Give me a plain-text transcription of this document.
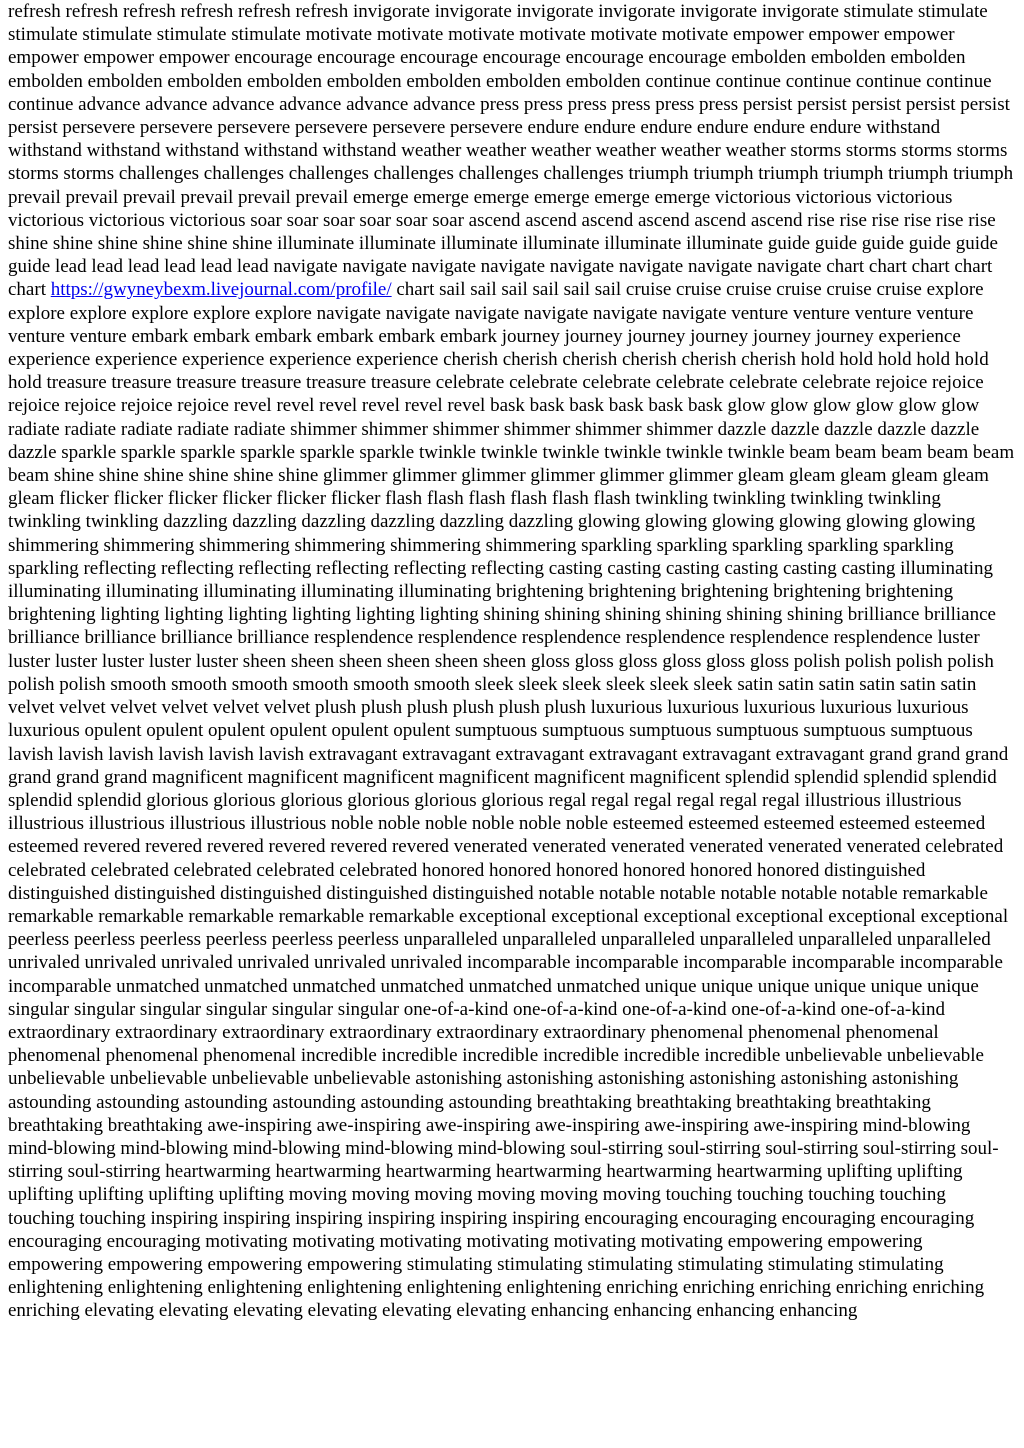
refresh refresh refresh refresh refresh refresh invigorate invigorate invigorate invigorate invigorate invigorate stimulate stimulate stimulate stimulate stimulate stimulate motivate motivate motivate motivate motivate motivate empower empower empower empower empower empower encourage encourage encourage encourage encourage encourage embolden embolden embolden embolden embolden embolden embolden embolden embolden embolden embolden continue continue continue continue continue continue advance advance advance advance advance advance press press press press press press persist persist persist persist persist persist persevere persevere persevere persevere persevere persevere endure endure endure endure endure endure withstand withstand withstand withstand withstand withstand weather weather weather weather weather weather storms storms storms storms storms storms challenges challenges challenges challenges challenges challenges triumph triumph triumph triumph triumph triumph prevail prevail prevail prevail prevail prevail emerge emerge emerge emerge emerge emerge victorious victorious victorious victorious victorious victorious soar soar soar soar soar soar ascend ascend ascend ascend ascend ascend rise rise rise rise rise rise shine shine shine shine shine shine illuminate illuminate illuminate illuminate illuminate illuminate guide guide guide guide guide guide lead lead lead lead lead lead navigate navigate navigate navigate navigate navigate navigate navigate chart chart chart chart chart https://gwyneybexm.livejournal.com/profile/ chart sail sail sail sail sail sail cruise cruise cruise cruise cruise cruise explore explore explore explore explore explore navigate navigate navigate navigate navigate navigate venture venture venture venture venture venture embark embark embark embark embark embark journey journey journey journey journey journey experience experience experience experience experience experience cherish cherish cherish cherish cherish cherish hold hold hold hold hold hold treasure treasure treasure treasure treasure treasure celebrate celebrate celebrate celebrate celebrate celebrate rejoice rejoice rejoice rejoice rejoice rejoice revel revel revel revel revel revel bask bask bask bask bask bask glow glow glow glow glow glow radiate radiate radiate radiate radiate shimmer shimmer shimmer shimmer shimmer shimmer dazzle dazzle dazzle dazzle dazzle dazzle sparkle sparkle sparkle sparkle sparkle sparkle twinkle twinkle twinkle twinkle twinkle twinkle beam beam beam beam beam beam shine shine shine shine shine shine glimmer glimmer glimmer glimmer glimmer glimmer gleam gleam gleam gleam gleam gleam flicker flicker flicker flicker flicker flicker flash flash flash flash flash flash twinkling twinkling twinkling twinkling twinkling twinkling dazzling dazzling dazzling dazzling dazzling dazzling glowing glowing glowing glowing glowing glowing shimmering shimmering shimmering shimmering shimmering shimmering sparkling sparkling sparkling sparkling sparkling sparkling reflecting reflecting reflecting reflecting reflecting reflecting casting casting casting casting casting casting illuminating illuminating illuminating illuminating illuminating illuminating brightening brightening brightening brightening brightening brightening lighting lighting lighting lighting lighting lighting shining shining shining shining shining shining brilliance brilliance brilliance brilliance brilliance brilliance resplendence resplendence resplendence resplendence resplendence resplendence luster luster luster luster luster luster sheen sheen sheen sheen sheen sheen gloss gloss gloss gloss gloss gloss polish polish polish polish polish polish smooth smooth smooth smooth smooth smooth sleek sleek sleek sleek sleek sleek satin satin satin satin satin satin velvet velvet velvet velvet velvet velvet plush plush plush plush plush plush luxurious luxurious luxurious luxurious luxurious luxurious opulent opulent opulent opulent opulent opulent sumptuous sumptuous sumptuous sumptuous sumptuous sumptuous lavish lavish lavish lavish lavish lavish extravagant extravagant extravagant extravagant extravagant extravagant grand grand grand grand grand grand magnificent magnificent magnificent magnificent magnificent magnificent splendid splendid splendid splendid splendid splendid glorious glorious glorious glorious glorious glorious regal regal regal regal regal regal illustrious illustrious illustrious illustrious illustrious illustrious noble noble noble noble noble noble esteemed esteemed esteemed esteemed esteemed esteemed revered revered revered revered revered revered venerated venerated venerated venerated venerated venerated celebrated celebrated celebrated celebrated celebrated celebrated honored honored honored honored honored honored distinguished distinguished distinguished distinguished distinguished distinguished notable notable notable notable notable notable remarkable remarkable remarkable remarkable remarkable remarkable exceptional exceptional exceptional exceptional exceptional exceptional peerless peerless peerless peerless peerless peerless unparalleled unparalleled unparalleled unparalleled unparalleled unparalleled unrivaled unrivaled unrivaled unrivaled unrivaled unrivaled incomparable incomparable incomparable incomparable incomparable incomparable unmatched unmatched unmatched unmatched unmatched unmatched unique unique unique unique unique unique singular singular singular singular singular singular one-of-a-kind one-of-a-kind one-of-a-kind one-of-a-kind one-of-a-kind extraordinary extraordinary extraordinary extraordinary extraordinary extraordinary phenomenal phenomenal phenomenal phenomenal phenomenal phenomenal incredible incredible incredible incredible incredible incredible unbelievable unbelievable unbelievable unbelievable unbelievable unbelievable astonishing astonishing astonishing astonishing astonishing astonishing astounding astounding astounding astounding astounding astounding breathtaking breathtaking breathtaking breathtaking breathtaking breathtaking awe-inspiring awe-inspiring awe-inspiring awe-inspiring awe-inspiring awe-inspiring mind-blowing mind-blowing mind-blowing mind-blowing mind-blowing mind-blowing soul-stirring soul-stirring soul-stirring soul-stirring soul-stirring soul-stirring heartwarming heartwarming heartwarming heartwarming heartwarming heartwarming uplifting uplifting uplifting uplifting uplifting uplifting moving moving moving moving moving moving touching touching touching touching touching touching inspiring inspiring inspiring inspiring inspiring inspiring encouraging encouraging encouraging encouraging encouraging encouraging motivating motivating motivating motivating motivating motivating empowering empowering empowering empowering empowering empowering stimulating stimulating stimulating stimulating stimulating stimulating enlightening enlightening enlightening enlightening enlightening enlightening enriching enriching enriching enriching enriching enriching elevating elevating elevating elevating elevating elevating enhancing enhancing enhancing enhancing
